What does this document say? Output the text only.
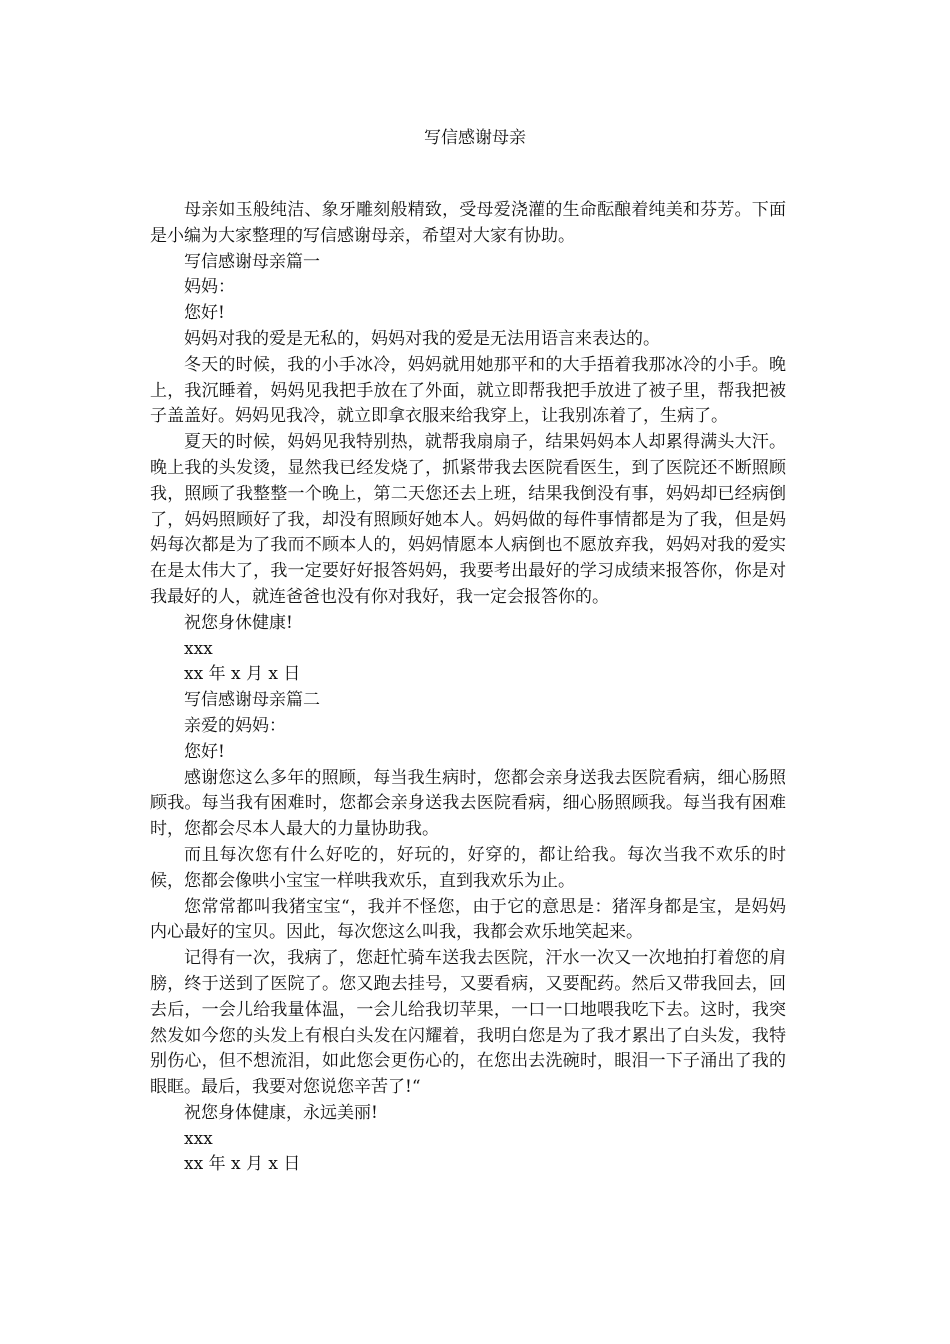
写信感谢母亲

母亲如玉般纯洁、象牙雕刻般精致，受母爱浇灌的生命酝酿着纯美和芬芳。下面是小编为大家整理的写信感谢母亲，希望对大家有协助。

写信感谢母亲篇一

妈妈：

您好!

妈妈对我的爱是无私的，妈妈对我的爱是无法用语言来表达的。

冬天的时候，我的小手冰冷，妈妈就用她那平和的大手捂着我那冰冷的小手。晚上，我沉睡着，妈妈见我把手放在了外面，就立即帮我把手放进了被子里，帮我把被子盖盖好。妈妈见我冷，就立即拿衣服来给我穿上，让我别冻着了，生病了。

夏天的时候，妈妈见我特别热，就帮我扇扇子，结果妈妈本人却累得满头大汗。晚上我的头发烫，显然我已经发烧了，抓紧带我去医院看医生，到了医院还不断照顾我，照顾了我整整一个晚上，第二天您还去上班，结果我倒没有事，妈妈却已经病倒了，妈妈照顾好了我，却没有照顾好她本人。妈妈做的每件事情都是为了我，但是妈妈每次都是为了我而不顾本人的，妈妈情愿本人病倒也不愿放弃我，妈妈对我的爱实在是太伟大了，我一定要好好报答妈妈，我要考出最好的学习成绩来报答你，你是对我最好的人，就连爸爸也没有你对我好，我一定会报答你的。

祝您身休健康!

xxx

xx 年 x 月 x 日

写信感谢母亲篇二

亲爱的妈妈：

您好!

感谢您这么多年的照顾，每当我生病时，您都会亲身送我去医院看病，细心肠照顾我。每当我有困难时，您都会亲身送我去医院看病，细心肠照顾我。每当我有困难时，您都会尽本人最大的力量协助我。

而且每次您有什么好吃的，好玩的，好穿的，都让给我。每次当我不欢乐的时候，您都会像哄小宝宝一样哄我欢乐，直到我欢乐为止。

您常常都叫我猪宝宝“，我并不怪您，由于它的意思是：猪浑身都是宝，是妈妈内心最好的宝贝。因此，每次您这么叫我，我都会欢乐地笑起来。

记得有一次，我病了，您赶忙骑车送我去医院，汗水一次又一次地拍打着您的肩膀，终于送到了医院了。您又跑去挂号，又要看病，又要配药。然后又带我回去，回去后，一会儿给我量体温，一会儿给我切苹果，一口一口地喂我吃下去。这时，我突然发如今您的头发上有根白头发在闪耀着，我明白您是为了我才累出了白头发，我特别伤心，但不想流泪，如此您会更伤心的，在您出去洗碗时，眼泪一下子涌出了我的眼眶。最后，我要对您说您辛苦了!“

祝您身体健康，永远美丽!

xxx

xx 年 x 月 x 日
